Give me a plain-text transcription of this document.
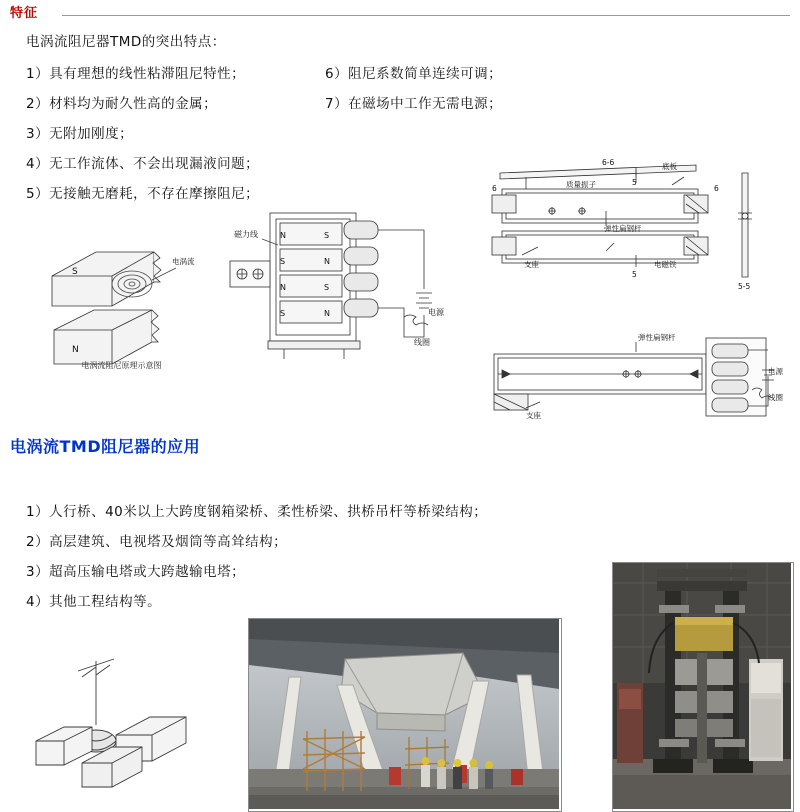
特征
电涡流阻尼器TMD的突出特点：
1）具有理想的线性粘滞阻尼特性；
2）材料均为耐久性高的金属；
3）无附加刚度；
4）无工作流体、不会出现漏液问题；
5）无接触无磨耗，不存在摩擦阻尼；
6）阻尼系数简单连续可调；
7）在磁场中工作无需电源；
S
N
电涡流
电涡流阻尼原理示意图
N
S
N
S
S
N
S
N
磁力线
电源
线圈
6-6	底板
5
质量振子
6	6
弹性扁钢杆
支座
5
电磁铁
5-5
弹性扁钢杆
支座
电源
线圈
电涡流TMD阻尼器的应用
1）人行桥、40米以上大跨度钢箱梁桥、柔性桥梁、拱桥吊杆等桥梁结构；
2）高层建筑、电视塔及烟筒等高耸结构；
3）超高压输电塔或大跨越输电塔；
4）其他工程结构等。
